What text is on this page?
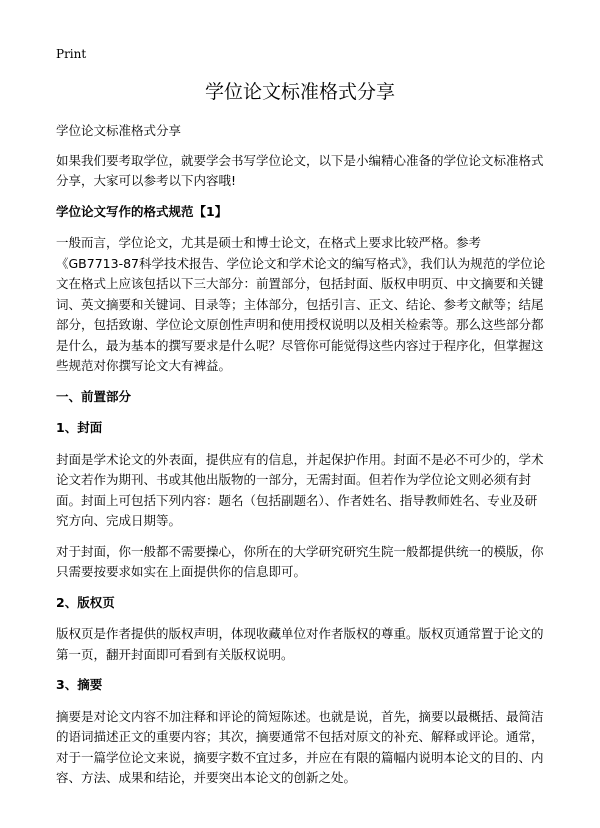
Print
学位论文标准格式分享

学位论文标准格式分享

如果我们要考取学位，就要学会书写学位论文，以下是小编精心准备的学位论文标准格式分享，大家可以参考以下内容哦!

学位论文写作的格式规范【1】

一般而言，学位论文，尤其是硕士和博士论文，在格式上要求比较严格。参考《GB7713-87科学技术报告、学位论文和学术论文的编写格式》，我们认为规范的学位论文在格式上应该包括以下三大部分：前置部分，包括封面、版权申明页、中文摘要和关键词、英文摘要和关键词、目录等；主体部分，包括引言、正文、结论、参考文献等；结尾部分，包括致谢、学位论文原创性声明和使用授权说明以及相关检索等。那么这些部分都是什么，最为基本的撰写要求是什么呢？尽管你可能觉得这些内容过于程序化，但掌握这些规范对你撰写论文大有裨益。

一、前置部分

1、封面

封面是学术论文的外表面，提供应有的信息，并起保护作用。封面不是必不可少的，学术论文若作为期刊、书或其他出版物的一部分，无需封面。但若作为学位论文则必须有封面。封面上可包括下列内容：题名（包括副题名）、作者姓名、指导教师姓名、专业及研究方向、完成日期等。

对于封面，你一般都不需要操心，你所在的大学研究研究生院一般都提供统一的模版，你只需要按要求如实在上面提供你的信息即可。

2、版权页

版权页是作者提供的版权声明，体现收藏单位对作者版权的尊重。版权页通常置于论文的第一页，翻开封面即可看到有关版权说明。

3、摘要

摘要是对论文内容不加注释和评论的简短陈述。也就是说，首先，摘要以最概括、最简洁的语词描述正文的重要内容；其次，摘要通常不包括对原文的补充、解释或评论。通常，对于一篇学位论文来说，摘要字数不宜过多，并应在有限的篇幅内说明本论文的目的、内容、方法、成果和结论，并要突出本论文的创新之处。
